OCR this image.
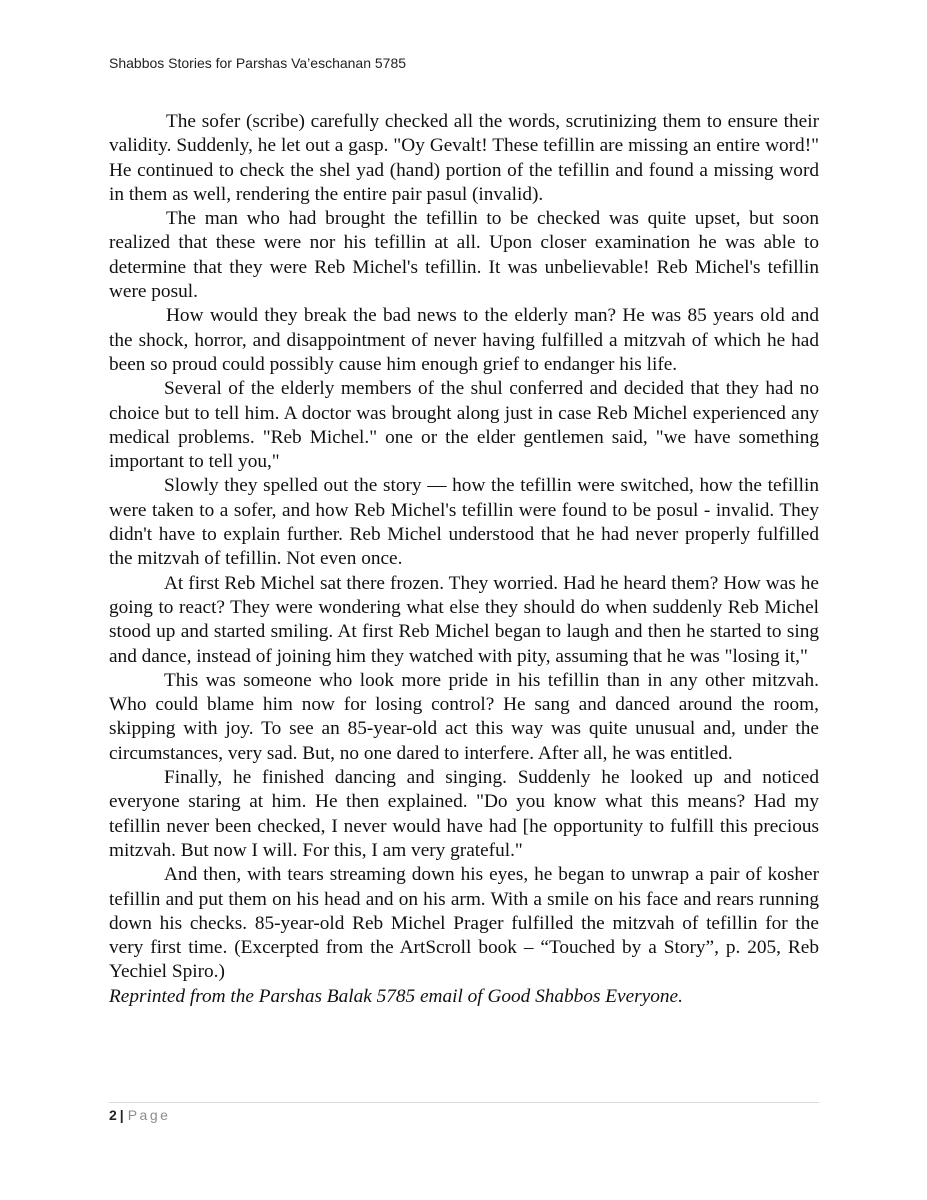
Shabbos Stories for Parshas Va’eschanan 5785

The sofer (scribe) carefully checked all the words, scrutinizing them to ensure their validity. Suddenly, he let out a gasp. "Oy Gevalt! These tefillin are missing an entire word!" He continued to check the shel yad (hand) portion of the tefillin and found a missing word in them as well, rendering the entire pair pasul (invalid).

The man who had brought the tefillin to be checked was quite upset, but soon realized that these were nor his tefillin at all. Upon closer examination he was able to determine that they were Reb Michel's tefillin. It was unbelievable! Reb Michel's tefillin were posul.

How would they break the bad news to the elderly man? He was 85 years old and the shock, horror, and disappointment of never having fulfilled a mitzvah of which he had been so proud could possibly cause him enough grief to endanger his life.

Several of the elderly members of the shul conferred and decided that they had no choice but to tell him. A doctor was brought along just in case Reb Michel experienced any medical problems. "Reb Michel." one or the elder gentlemen said, "we have something important to tell you,"

Slowly they spelled out the story — how the tefillin were switched, how the tefillin were taken to a sofer, and how Reb Michel's tefillin were found to be posul - invalid. They didn't have to explain further. Reb Michel understood that he had never properly fulfilled the mitzvah of tefillin. Not even once.

At first Reb Michel sat there frozen. They worried. Had he heard them? How was he going to react? They were wondering what else they should do when suddenly Reb Michel stood up and started smiling. At first Reb Michel began to laugh and then he started to sing and dance, instead of joining him they watched with pity, assuming that he was "losing it,"

This was someone who look more pride in his tefillin than in any other mitzvah. Who could blame him now for losing control? He sang and danced around the room, skipping with joy. To see an 85-year-old act this way was quite unusual and, under the circumstances, very sad. But, no one dared to interfere. After all, he was entitled.

Finally, he finished dancing and singing. Suddenly he looked up and noticed everyone staring at him. He then explained. "Do you know what this means? Had my tefillin never been checked, I never would have had [he opportunity to fulfill this precious mitzvah. But now I will. For this, I am very grateful."

And then, with tears streaming down his eyes, he began to unwrap a pair of kosher tefillin and put them on his head and on his arm. With a smile on his face and rears running down his checks. 85-year-old Reb Michel Prager fulfilled the mitzvah of tefillin for the very first time. (Excerpted from the ArtScroll book – “Touched by a Story”, p. 205, Reb Yechiel Spiro.)

Reprinted from the Parshas Balak 5785 email of Good Shabbos Everyone.

2 | Page
